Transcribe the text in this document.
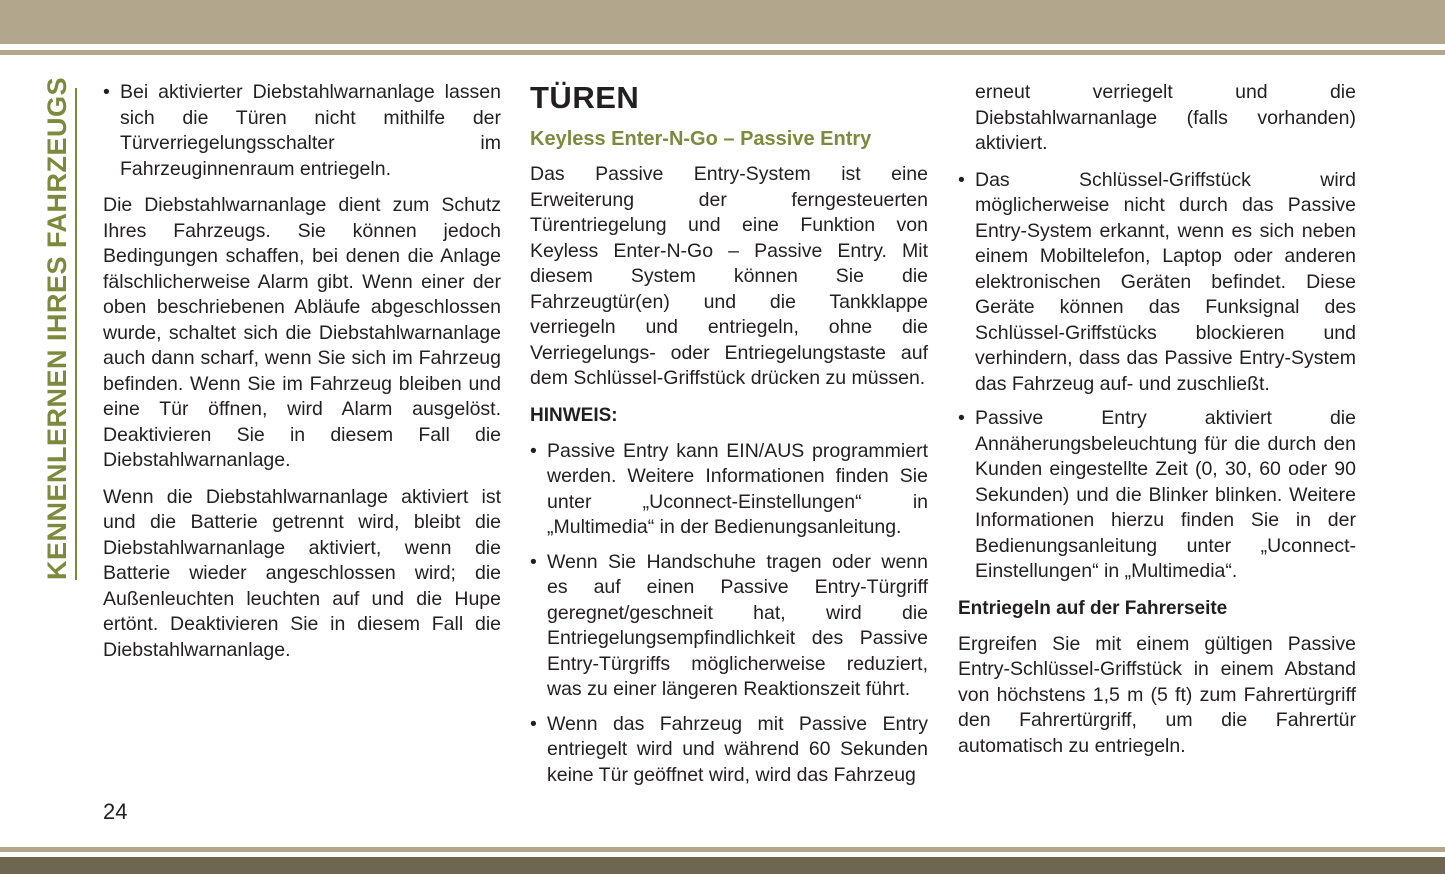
KENNENLERNEN IHRES FAHRZEUGS
•	Bei aktivierter Diebstahlwarnanlage lassen sich die Türen nicht mithilfe der Türverriegelungsschalter im Fahrzeuginnenraum entriegeln.

Die Diebstahlwarnanlage dient zum Schutz Ihres Fahrzeugs. Sie können jedoch Bedingungen schaffen, bei denen die Anlage fälschlicherweise Alarm gibt. Wenn einer der oben beschriebenen Abläufe abgeschlossen wurde, schaltet sich die Diebstahlwarnanlage auch dann scharf, wenn Sie sich im Fahrzeug befinden. Wenn Sie im Fahrzeug bleiben und eine Tür öffnen, wird Alarm ausgelöst. Deaktivieren Sie in diesem Fall die Diebstahlwarnanlage.

Wenn die Diebstahlwarnanlage aktiviert ist und die Batterie getrennt wird, bleibt die Diebstahlwarnanlage aktiviert, wenn die Batterie wieder angeschlossen wird; die Außenleuchten leuchten auf und die Hupe ertönt. Deaktivieren Sie in diesem Fall die Diebstahlwarnanlage.

TÜREN
Keyless Enter-N-Go – Passive Entry

Das Passive Entry-System ist eine Erweiterung der ferngesteuerten Türentriegelung und eine Funktion von Keyless Enter-N-Go – Passive Entry. Mit diesem System können Sie die Fahrzeugtür(en) und die Tankklappe verriegeln und entriegeln, ohne die Verriegelungs- oder Entriegelungstaste auf dem Schlüssel-Griffstück drücken zu müssen.

HINWEIS:
• Passive Entry kann EIN/AUS programmiert werden. Weitere Informationen finden Sie unter „Uconnect-Einstellungen“ in „Multimedia“ in der Bedienungsanleitung.
• Wenn Sie Handschuhe tragen oder wenn es auf einen Passive Entry-Türgriff geregnet/geschneit hat, wird die Entriegelungsempfindlichkeit des Passive Entry-Türgriffs möglicherweise reduziert, was zu einer längeren Reaktionszeit führt.
• Wenn das Fahrzeug mit Passive Entry entriegelt wird und während 60 Sekunden keine Tür geöffnet wird, wird das Fahrzeug
erneut verriegelt und die Diebstahlwarnanlage (falls vorhanden) aktiviert.
• Das Schlüssel-Griffstück wird möglicherweise nicht durch das Passive Entry-System erkannt, wenn es sich neben einem Mobiltelefon, Laptop oder anderen elektronischen Geräten befindet. Diese Geräte können das Funksignal des Schlüssel-Griffstücks blockieren und verhindern, dass das Passive Entry-System das Fahrzeug auf- und zuschließt.
• Passive Entry aktiviert die Annäherungsbeleuchtung für die durch den Kunden eingestellte Zeit (0, 30, 60 oder 90 Sekunden) und die Blinker blinken. Weitere Informationen hierzu finden Sie in der Bedienungsanleitung unter „Uconnect-Einstellungen“ in „Multimedia“.
Entriegeln auf der Fahrerseite

Ergreifen Sie mit einem gültigen Passive Entry-Schlüssel-Griffstück in einem Abstand von höchstens 1,5 m (5 ft) zum Fahrertürgriff den Fahrertürgriff, um die Fahrertür automatisch zu entriegeln.

24
